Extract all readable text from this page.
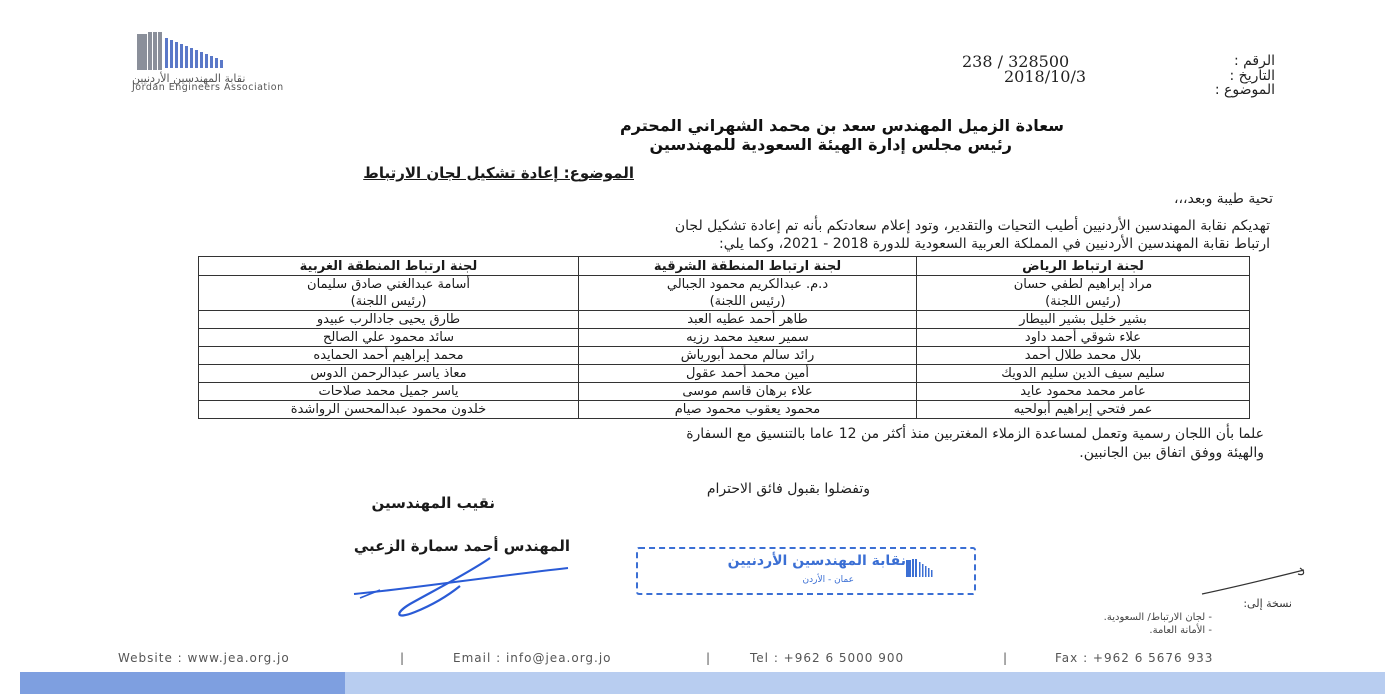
نقابة المهندسين الأردنيين
Jordan Engineers Association
الرقم :
238 / 328500
التاريخ :
2018/10/3
الموضوع :
سعادة الزميل المهندس سعد بن محمد الشهراني المحترم
رئيس مجلس إدارة الهيئة السعودية للمهندسين
الموضوع: إعادة تشكيل لجان الارتباط
تحية طيبة وبعد،،،
تهديكم نقابة المهندسين الأردنيين أطيب التحيات والتقدير، وتود إعلام سعادتكم بأنه تم إعادة تشكيل لجان
ارتباط نقابة المهندسين الأردنيين في المملكة العربية السعودية للدورة 2018 - 2021، وكما يلي:
لجنة ارتباط الرياض	لجنة ارتباط المنطقة الشرقية	لجنة ارتباط المنطقة الغربية
مراد إبراهيم لطفي حسان	د.م. عبدالكريم محمود الجبالي	أسامة عبدالغني صادق سليمان
(رئيس اللجنة)	(رئيس اللجنة)	(رئيس اللجنة)
بشير خليل بشير البيطار	طاهر أحمد عطيه العبد	طارق يحيى جادالرب عبيدو
علاء شوقي أحمد داود	سمير سعيد محمد رزيه	سائد محمود علي الصالح
بلال محمد طلال أحمد	رائد سالم محمد أبورياش	محمد إبراهيم أحمد الحمايده
سليم سيف الدين سليم الدويك	أمين محمد أحمد عقول	معاذ ياسر عبدالرحمن الدوس
عامر محمد محمود عايد	علاء برهان قاسم موسى	ياسر جميل محمد صلاحات
عمر فتحي إبراهيم أبولحيه	محمود يعقوب محمود صيام	خلدون محمود عبدالمحسن الرواشدة
علما بأن اللجان رسمية وتعمل لمساعدة الزملاء المغتربين منذ أكثر من 12 عاما بالتنسيق مع السفارة
والهيئة ووفق اتفاق بين الجانبين.
وتفضلوا بقبول فائق الاحترام
نقيب المهندسين
المهندس أحمد سمارة الزعبي
نقابة المهندسين الأردنيين
عمان - الأردن
نسخة إلى:
- لجان الارتباط/ السعودية.
- الأمانة العامة.
Website : www.jea.org.jo	|	Email : info@jea.org.jo	|	Tel : +962 6 5000 900	|	Fax : +962 6 5676 933
